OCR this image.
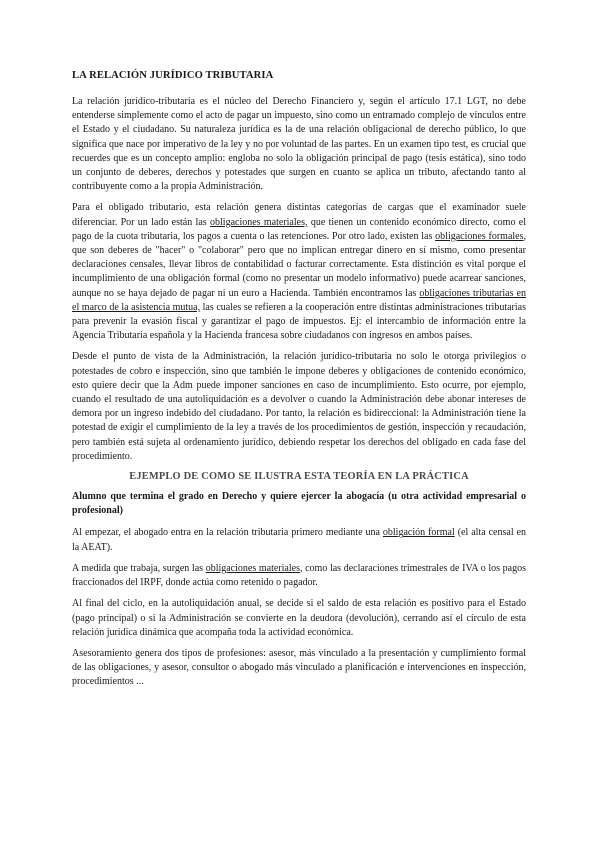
LA RELACIÓN JURÍDICO TRIBUTARIA

La relación jurídico-tributaria es el núcleo del Derecho Financiero y, según el artículo 17.1 LGT, no debe entenderse simplemente como el acto de pagar un impuesto, sino como un entramado complejo de vínculos entre el Estado y el ciudadano. Su naturaleza jurídica es la de una relación obligacional de derecho público, lo que significa que nace por imperativo de la ley y no por voluntad de las partes. En un examen tipo test, es crucial que recuerdes que es un concepto amplio: engloba no solo la obligación principal de pago (tesis estática), sino todo un conjunto de deberes, derechos y potestades que surgen en cuanto se aplica un tributo, afectando tanto al contribuyente como a la propia Administración.

Para el obligado tributario, esta relación genera distintas categorías de cargas que el examinador suele diferenciar. Por un lado están las obligaciones materiales, que tienen un contenido económico directo, como el pago de la cuota tributaria, los pagos a cuenta o las retenciones. Por otro lado, existen las obligaciones formales, que son deberes de "hacer" o "colaborar" pero que no implican entregar dinero en sí mismo, como presentar declaraciones censales, llevar libros de contabilidad o facturar correctamente. Esta distinción es vital porque el incumplimiento de una obligación formal (como no presentar un modelo informativo) puede acarrear sanciones, aunque no se haya dejado de pagar ni un euro a Hacienda. También encontramos las obligaciones tributarias en el marco de la asistencia mutua, las cuales se refieren a la cooperación entre distintas administraciones tributarias para prevenir la evasión fiscal y garantizar el pago de impuestos. Ej: el intercambio de información entre la Agencia Tributaria española y la Hacienda francesa sobre ciudadanos con ingresos en ambos países.

Desde el punto de vista de la Administración, la relación jurídico-tributaria no solo le otorga privilegios o potestades de cobro e inspección, sino que también le impone deberes y obligaciones de contenido económico, esto quiere decir que la Adm puede imponer sanciones en caso de incumplimiento. Esto ocurre, por ejemplo, cuando el resultado de una autoliquidación es a devolver o cuando la Administración debe abonar intereses de demora por un ingreso indebido del ciudadano. Por tanto, la relación es bidireccional: la Administración tiene la potestad de exigir el cumplimiento de la ley a través de los procedimientos de gestión, inspección y recaudación, pero también está sujeta al ordenamiento jurídico, debiendo respetar los derechos del obligado en cada fase del procedimiento.

EJEMPLO DE COMO SE ILUSTRA ESTA TEORÍA EN LA PRÁCTICA

Alumno que termina el grado en Derecho y quiere ejercer la abogacía (u otra actividad empresarial o profesional)

Al empezar, el abogado entra en la relación tributaria primero mediante una obligación formal (el alta censal en la AEAT).

A medida que trabaja, surgen las obligaciones materiales, como las declaraciones trimestrales de IVA o los pagos fraccionados del IRPF, donde actúa como retenido o pagador.

Al final del ciclo, en la autoliquidación anual, se decide si el saldo de esta relación es positivo para el Estado (pago principal) o si la Administración se convierte en la deudora (devolución), cerrando así el círculo de esta relación jurídica dinámica que acompaña toda la actividad económica.

Asesoramiento genera dos tipos de profesiones: asesor, más vinculado a la presentación y cumplimiento formal de las obligaciones, y asesor, consultor o abogado más vinculado a planificación e intervenciones en inspección, procedimientos ...
